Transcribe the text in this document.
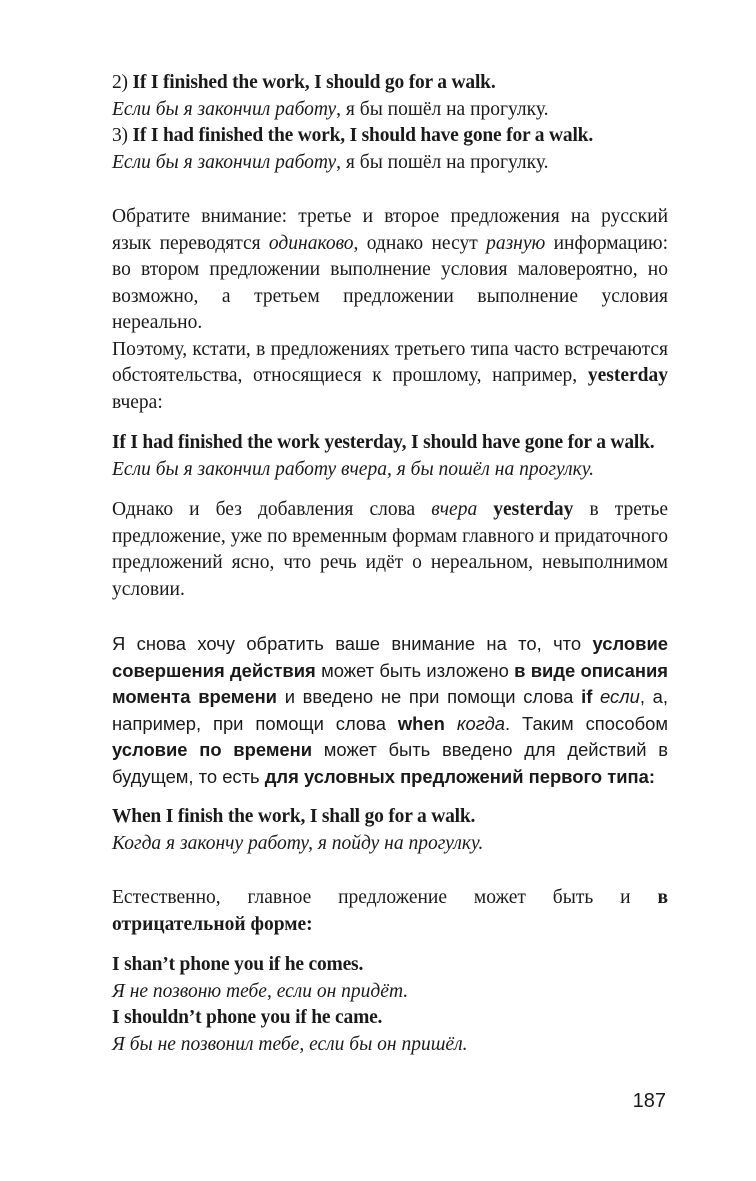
2) If I finished the work, I should go for a walk.
Если бы я закончил работу, я бы пошёл на прогулку.
3) If I had finished the work, I should have gone for a walk.
Если бы я закончил работу, я бы пошёл на прогулку.

Обратите внимание: третье и второе предложения на русский язык переводятся одинаково, однако несут разную информацию: во втором предложении выполнение условия маловероятно, но возможно, а третьем предложении выполнение условия нереально.

Поэтому, кстати, в предложениях третьего типа часто встречаются обстоятельства, относящиеся к прошлому, например, yesterday вчера:

If I had finished the work yesterday, I should have gone for a walk.
Если бы я закончил работу вчера, я бы пошёл на прогулку.

Однако и без добавления слова вчера yesterday в третье предложение, уже по временным формам главного и придаточного предложений ясно, что речь идёт о нереальном, невыполнимом условии.

Я снова хочу обратить ваше внимание на то, что условие совершения действия может быть изложено в виде описания момента времени и введено не при помощи слова if если, а, например, при помощи слова when когда. Таким способом условие по времени может быть введено для действий в будущем, то есть для условных предложений первого типа:

When I finish the work, I shall go for a walk.
Когда я закончу работу, я пойду на прогулку.

Естественно, главное предложение может быть и в отрицательной форме:

I shan’t phone you if he comes.
Я не позвоню тебе, если он придёт.
I shouldn’t phone you if he came.
Я бы не позвонил тебе, если бы он пришёл.
187
